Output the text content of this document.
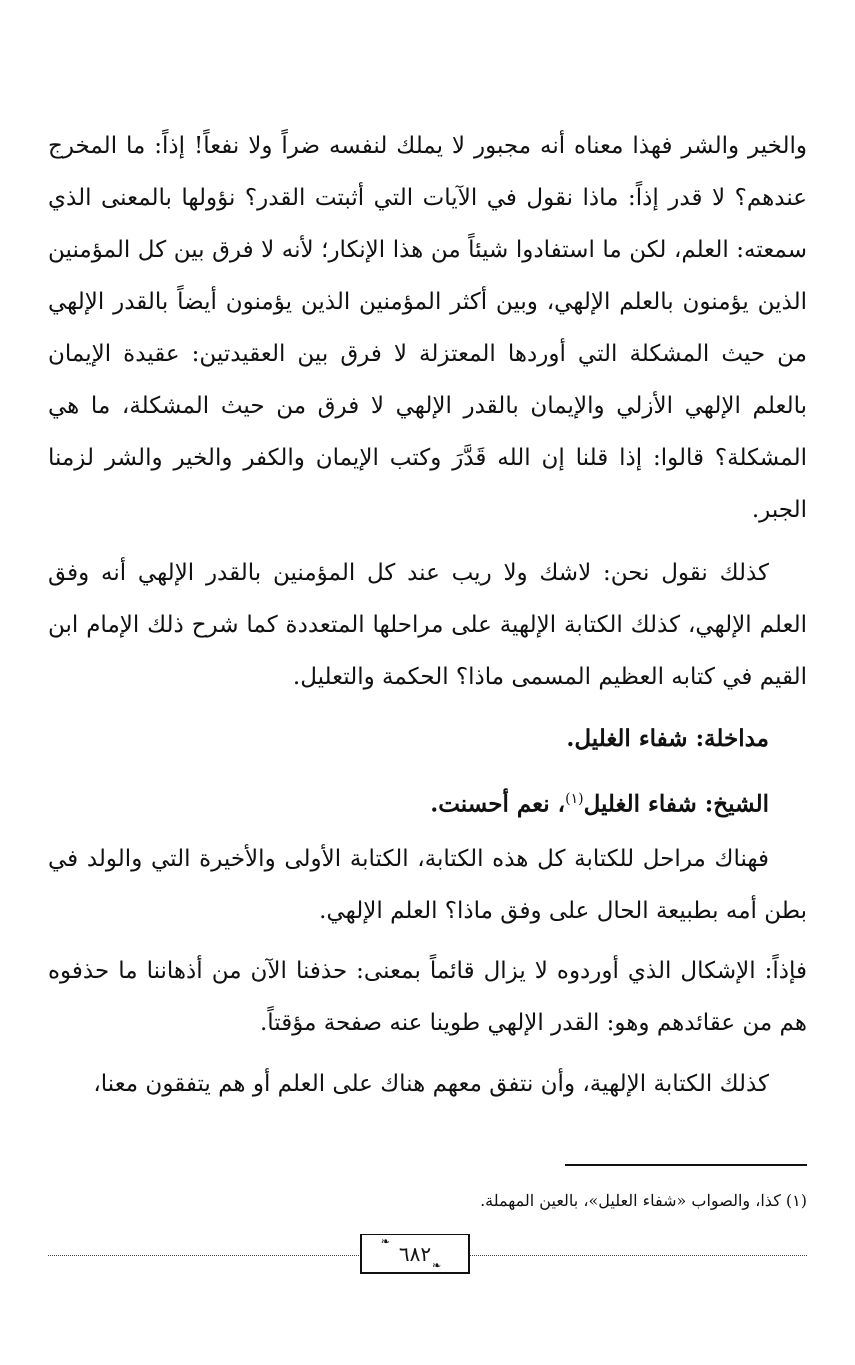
والخير والشر فهذا معناه أنه مجبور لا يملك لنفسه ضراً ولا نفعاً! إذاً: ما المخرج عندهم؟ لا قدر إذاً: ماذا نقول في الآيات التي أثبتت القدر؟ نؤولها بالمعنى الذي سمعته: العلم، لكن ما استفادوا شيئاً من هذا الإنكار؛ لأنه لا فرق بين كل المؤمنين الذين يؤمنون بالعلم الإلهي، وبين أكثر المؤمنين الذين يؤمنون أيضاً بالقدر الإلهي من حيث المشكلة التي أوردها المعتزلة لا فرق بين العقيدتين: عقيدة الإيمان بالعلم الإلهي الأزلي والإيمان بالقدر الإلهي لا فرق من حيث المشكلة، ما هي المشكلة؟ قالوا: إذا قلنا إن الله قَدَّرَ وكتب الإيمان والكفر والخير والشر لزمنا الجبر.

كذلك نقول نحن: لاشك ولا ريب عند كل المؤمنين بالقدر الإلهي أنه وفق العلم الإلهي، كذلك الكتابة الإلهية على مراحلها المتعددة كما شرح ذلك الإمام ابن القيم في كتابه العظيم المسمى ماذا؟ الحكمة والتعليل.

مداخلة: شفاء الغليل.

الشيخ: شفاء الغليل$^{(١)}$، نعم أحسنت.

فهناك مراحل للكتابة كل هذه الكتابة، الكتابة الأولى والأخيرة التي والولد في بطن أمه بطبيعة الحال على وفق ماذا؟ العلم الإلهي.

فإذاً: الإشكال الذي أوردوه لا يزال قائماً بمعنى: حذفنا الآن من أذهاننا ما حذفوه هم من عقائدهم وهو: القدر الإلهي طوينا عنه صفحة مؤقتاً.

كذلك الكتابة الإلهية، وأن نتفق معهم هناك على العلم أو هم يتفقون معنا،

(١) كذا، والصواب «شفاء العليل»، بالعين المهملة.
❧
٦٨٢ ❧
